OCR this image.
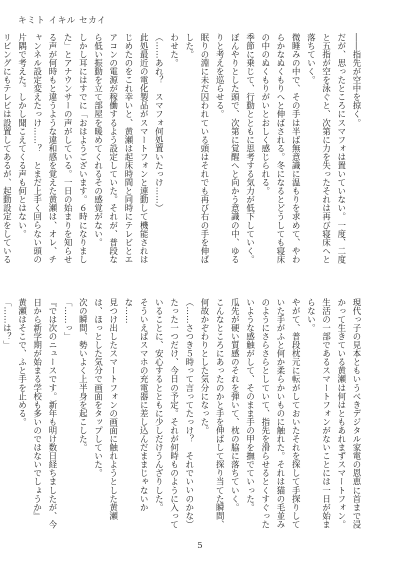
キミト イキル セカイ

――指先が空中を掠く。

だが、思ったところにスマフォは置いていない。一度、二度と五指が空を泳ぐと、次第に力を失ったそれは再び寝床へと落ちていく。

微睡みの中で、その手は半ば無意識に温もりを求めて、やわらかなぬくもりへと伸ばされる。冬になるとどうしても寝床の中のぬくもりがいとおしく感じられる。

季節に乗じて、行動とともに思考する気力が低下していく。ぼんやりとした頭で、次第に覚醒へと向かう意識の中、ゆるりと考えを巡らせる。

眠りの淵に未だ囚われている頭はそれでも再び右の手を伸ばした。

わせた。

（……あれ？　スマフォ何処置いたっけ……）

此処最近の電化製品がスマートフォンと連動して機能されはじめたのをこれ幸いと、黄瀬は起床時間と同時にテレビとエアコンの電源が稼働するよう設定していた。それが、普段なら低い振動を立て部屋を暖めてくれるその感覚がない。

しかし耳にはすでに「おはようございます。６時になりました」とアナウンサーの声がしている。一日の始まりを知らせる声が何時もと違うような違和感を覚えた黄瀬は、オレ、チャンネル設定変えたっけ……？　とまだ上手く回らない頭の片隅で考えた。しかし聞こえてくる声も何とはない。

リビングにもテレビは設置してあるが、起動設定をしている

現代っ子の見本ともいうべきデジタル家電の恩恵に首まで浸かって生きている黄瀬は何はともあれまずスマートフォン。生活の一部であるスマートフォンがないことには一日が始まらない。

やがて、普段枕元に転がしておいたそれを探して手探りしていた手がふと何か柔らかいものに触れた。それは猫の毛並みのようにさらさらとしていて、指先を滑らせるとくすぐったいような感触がして、そのまま手の甲を撫でていった。

瓜先が硬い質感のそれを弾いて、枕の脇に落ちていく。

こんなところにあったのかと手を伸ばして探り当てた瞬間、何故かぞわりとした気分になった。

（……さつき５時って言ってたっけ？　それでいいのかな）

たった一つだけ、今日の予定。それが何時ものように入っていることに、安心するとともに少しだけうんざりした。

そういえばスマホの充電器に差し込んだままじゃないかな……

見つけ出したスマートフォンの画面に触れようとした黄瀬は、ほっとした気分で画面をタップしていた。

次の瞬間、勢いよく上半身を起こした。

「……っ」

『では次のニュースです。新年も明け数日経ちましたが、今日から新学期が始まる学校も多いのではないでしょうか』

黄瀬はそこで、ふと手を止める。

「……は？」

5
